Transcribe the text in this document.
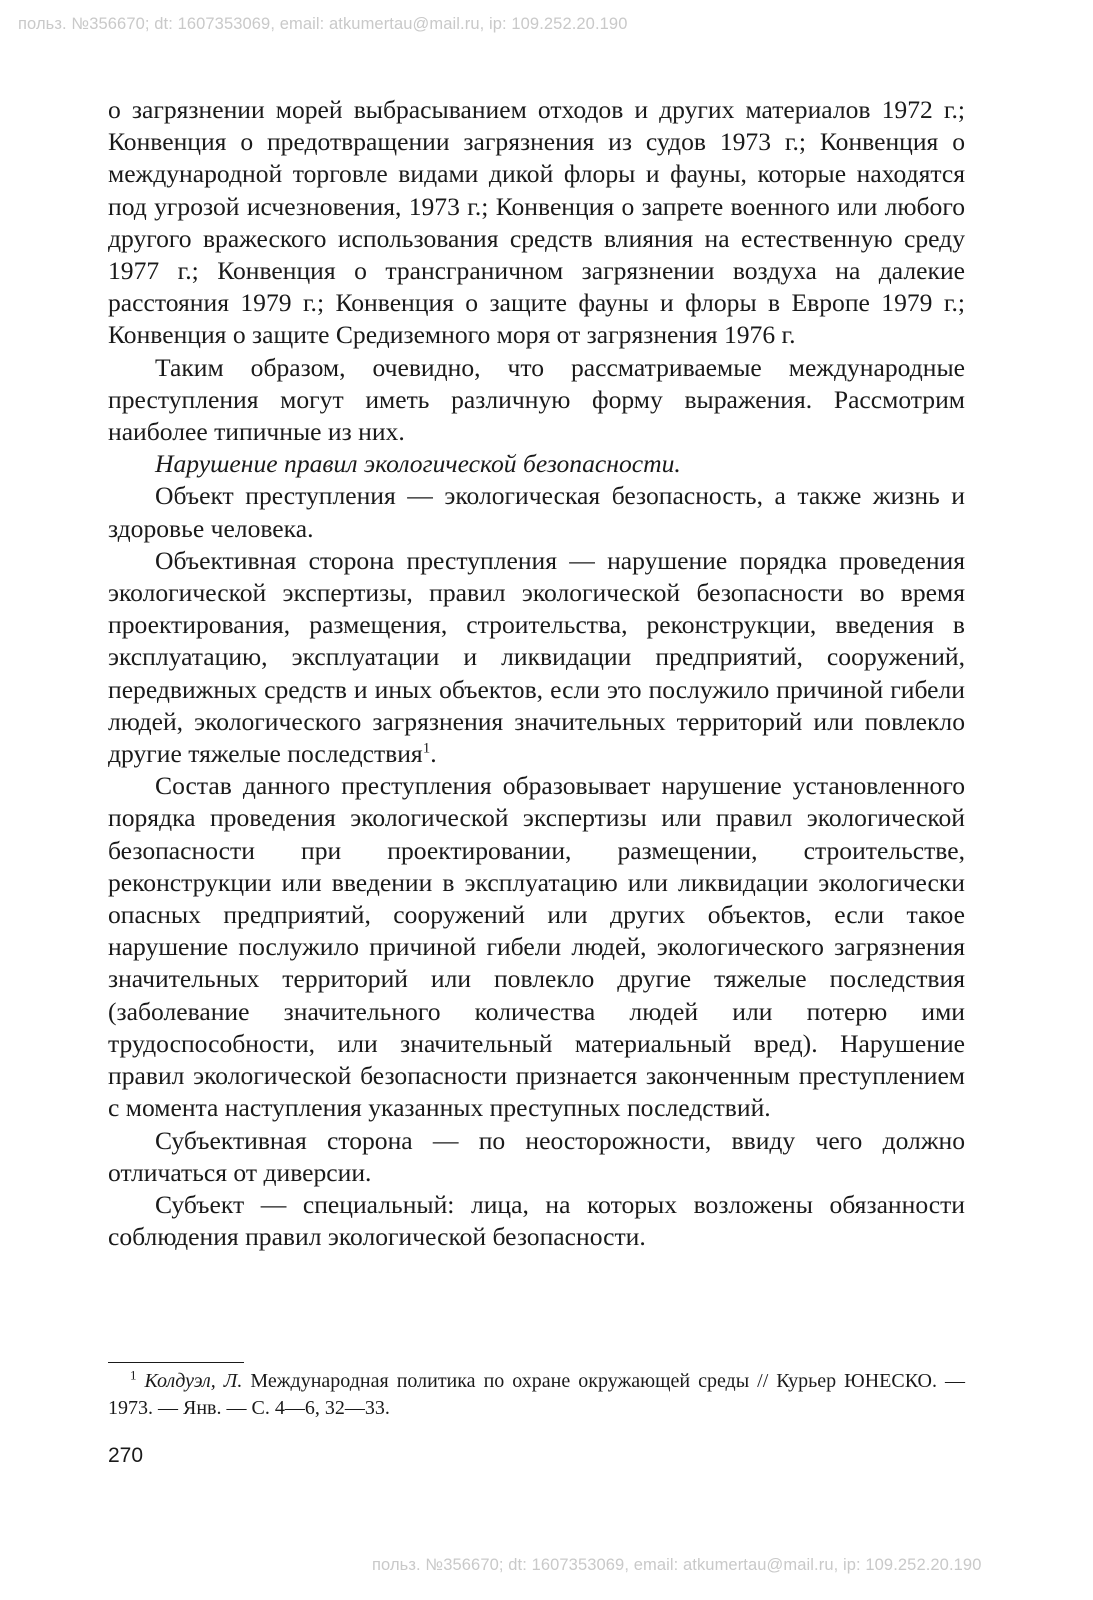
польз. №356670; dt: 1607353069, email: atkumertau@mail.ru, ip: 109.252.20.190

о загрязнении морей выбрасыванием отходов и других материалов 1972 г.; Конвенция о предотвращении загрязнения из судов 1973 г.; Конвенция о международной торговле видами дикой флоры и фауны, которые находятся под угрозой исчезновения, 1973 г.; Конвенция о запрете военного или любого другого вражеского использования средств влияния на естественную среду 1977 г.; Конвенция о трансграничном загрязнении воздуха на далекие расстояния 1979 г.; Конвенция о защите фауны и флоры в Европе 1979 г.; Конвенция о защите Средиземного моря от загрязнения 1976 г.

Таким образом, очевидно, что рассматриваемые международные преступления могут иметь различную форму выражения. Рассмотрим наиболее типичные из них.

Нарушение правил экологической безопасности.

Объект преступления — экологическая безопасность, а также жизнь и здоровье человека.

Объективная сторона преступления — нарушение порядка проведения экологической экспертизы, правил экологической безопасности во время проектирования, размещения, строительства, реконструкции, введения в эксплуатацию, эксплуатации и ликвидации предприятий, сооружений, передвижных средств и иных объектов, если это послужило причиной гибели людей, экологического загрязнения значительных территорий или повлекло другие тяжелые последствия$^1$.

Состав данного преступления образовывает нарушение установленного порядка проведения экологической экспертизы или правил экологической безопасности при проектировании, размещении, строительстве, реконструкции или введении в эксплуатацию или ликвидации экологически опасных предприятий, сооружений или других объектов, если такое нарушение послужило причиной гибели людей, экологического загрязнения значительных территорий или повлекло другие тяжелые последствия (заболевание значительного количества людей или потерю ими трудоспособности, или значительный материальный вред). Нарушение правил экологической безопасности признается законченным преступлением с момента наступления указанных преступных последствий.

Субъективная сторона — по неосторожности, ввиду чего должно отличаться от диверсии.

Субъект — специальный: лица, на которых возложены обязанности соблюдения правил экологической безопасности.

$^1$ Колдуэл, Л. Международная политика по охране окружающей среды // Курьер ЮНЕСКО. — 1973. — Янв. — С. 4—6, 32—33.
270
польз. №356670; dt: 1607353069, email: atkumertau@mail.ru, ip: 109.252.20.190
